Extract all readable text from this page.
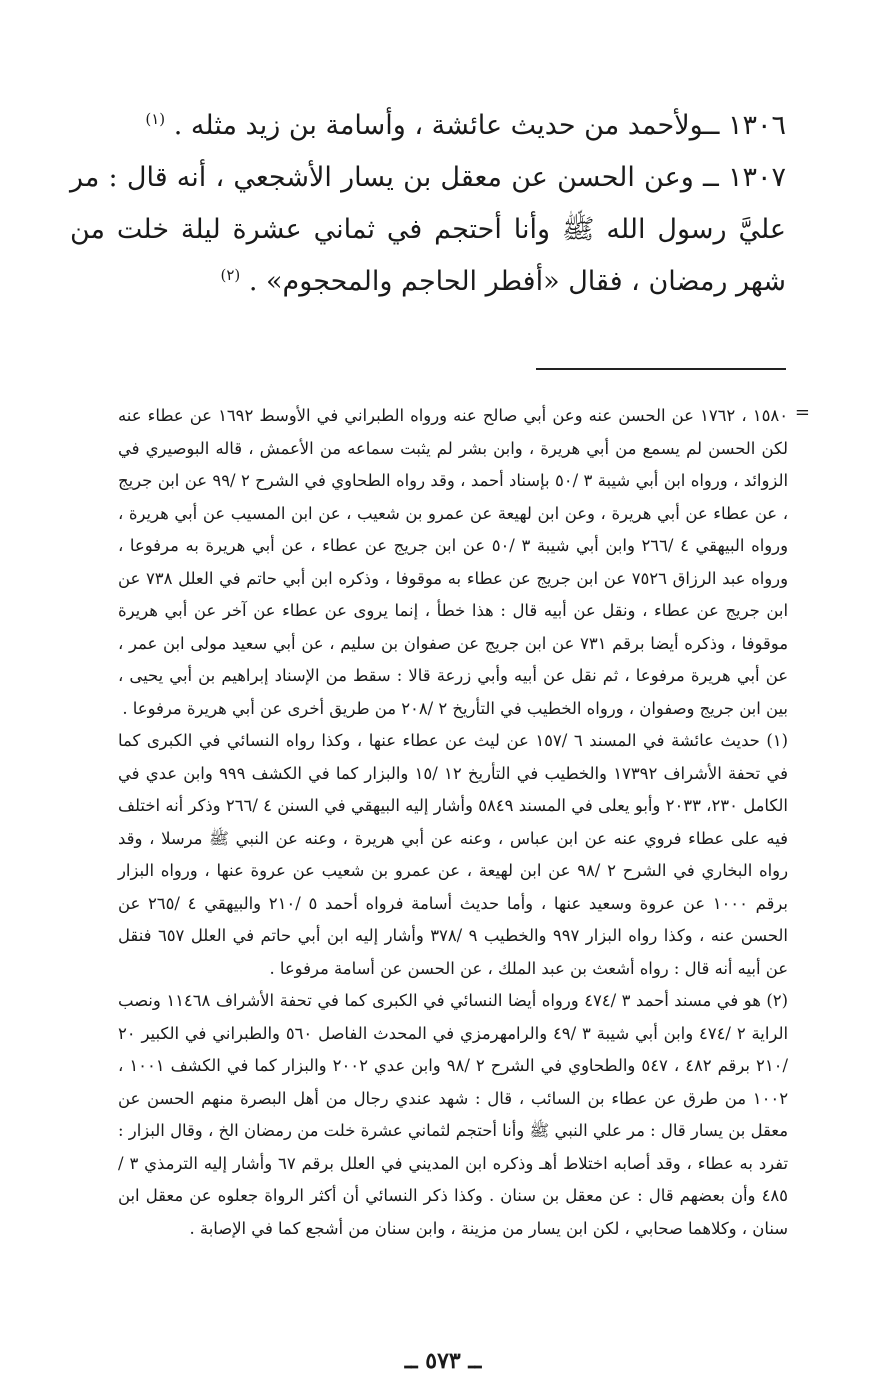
١٣٠٦ ــولأحمد من حديث عائشة ، وأسامة بن زيد مثله . $^{(١)}$

١٣٠٧ ــ وعن الحسن عن معقل بن يسار الأشجعي ، أنه قال : مر عليَّ رسول الله ﷺ وأنا أحتجم في ثماني عشرة ليلة خلت من شهر رمضان ، فقال «أفطر الحاجم والمحجوم» . $^{(٢)}$

=

١٥٨٠ ، ١٧٦٢ عن الحسن عنه وعن أبي صالح عنه ورواه الطبراني في الأوسط ١٦٩٢ عن عطاء عنه لكن الحسن لم يسمع من أبي هريرة ، وابن بشر لم يثبت سماعه من الأعمش ، قاله البوصيري في الزوائد ، ورواه ابن أبي شيبة ٣ /٥٠ بإسناد أحمد ، وقد رواه الطحاوي في الشرح ٢ /٩٩ عن ابن جريج ، عن عطاء عن أبي هريرة ، وعن ابن لهيعة عن عمرو بن شعيب ، عن ابن المسيب عن أبي هريرة ، ورواه البيهقي ٤ /٢٦٦ وابن أبي شيبة ٣ /٥٠ عن ابن جريج عن عطاء ، عن أبي هريرة به مرفوعا ، ورواه عبد الرزاق ٧٥٢٦ عن ابن جريج عن عطاء به موقوفا ، وذكره ابن أبي حاتم في العلل ٧٣٨ عن ابن جريج عن عطاء ، ونقل عن أبيه قال : هذا خطأ ، إنما يروى عن عطاء عن آخر عن أبي هريرة موقوفا ، وذكره أيضا برقم ٧٣١ عن ابن جريج عن صفوان بن سليم ، عن أبي سعيد مولى ابن عمر ، عن أبي هريرة مرفوعا ، ثم نقل عن أبيه وأبي زرعة قالا : سقط من الإسناد إبراهيم بن أبي يحيى ، بين ابن جريج وصفوان ، ورواه الخطيب في التأريخ ٢ /٢٠٨ من طريق أخرى عن أبي هريرة مرفوعا .

(١) حديث عائشة في المسند ٦ /١٥٧ عن ليث عن عطاء عنها ، وكذا رواه النسائي في الكبرى كما في تحفة الأشراف ١٧٣٩٢ والخطيب في التأريخ ١٢ /١٥ والبزار كما في الكشف ٩٩٩ وابن عدي في الكامل ٢٣٠، ٢٠٣٣ وأبو يعلى في المسند ٥٨٤٩ وأشار إليه البيهقي في السنن ٤ /٢٦٦ وذكر أنه اختلف فيه على عطاء فروي عنه عن ابن عباس ، وعنه عن أبي هريرة ، وعنه عن النبي ﷺ مرسلا ، وقد رواه البخاري في الشرح ٢ /٩٨ عن ابن لهيعة ، عن عمرو بن شعيب عن عروة عنها ، ورواه البزار برقم ١٠٠٠ عن عروة وسعيد عنها ، وأما حديث أسامة فرواه أحمد ٥ /٢١٠ والبيهقي ٤ /٢٦٥ عن الحسن عنه ، وكذا رواه البزار ٩٩٧ والخطيب ٩ /٣٧٨ وأشار إليه ابن أبي حاتم في العلل ٦٥٧ فنقل عن أبيه أنه قال : رواه أشعث بن عبد الملك ، عن الحسن عن أسامة مرفوعا .

(٢) هو في مسند أحمد ٣ /٤٧٤ ورواه أيضا النسائي في الكبرى كما في تحفة الأشراف ١١٤٦٨ ونصب الراية ٢ /٤٧٤ وابن أبي شيبة ٣ /٤٩ والرامهرمزي في المحدث الفاصل ٥٦٠ والطبراني في الكبير ٢٠ /٢١٠ برقم ٤٨٢ ، ٥٤٧ والطحاوي في الشرح ٢ /٩٨ وابن عدي ٢٠٠٢ والبزار كما في الكشف ١٠٠١ ، ١٠٠٢ من طرق عن عطاء بن السائب ، قال : شهد عندي رجال من أهل البصرة منهم الحسن عن معقل بن يسار قال : مر علي النبي ﷺ وأنا أحتجم لثماني عشرة خلت من رمضان الخ ، وقال البزار : تفرد به عطاء ، وقد أصابه اختلاط أهـ وذكره ابن المديني في العلل برقم ٦٧ وأشار إليه الترمذي ٣ /٤٨٥ وأن بعضهم قال : عن معقل بن سنان . وكذا ذكر النسائي أن أكثر الرواة جعلوه عن معقل ابن سنان ، وكلاهما صحابي ، لكن ابن يسار من مزينة ، وابن سنان من أشجع كما في الإصابة .

ــ ٥٧٣ ــ
